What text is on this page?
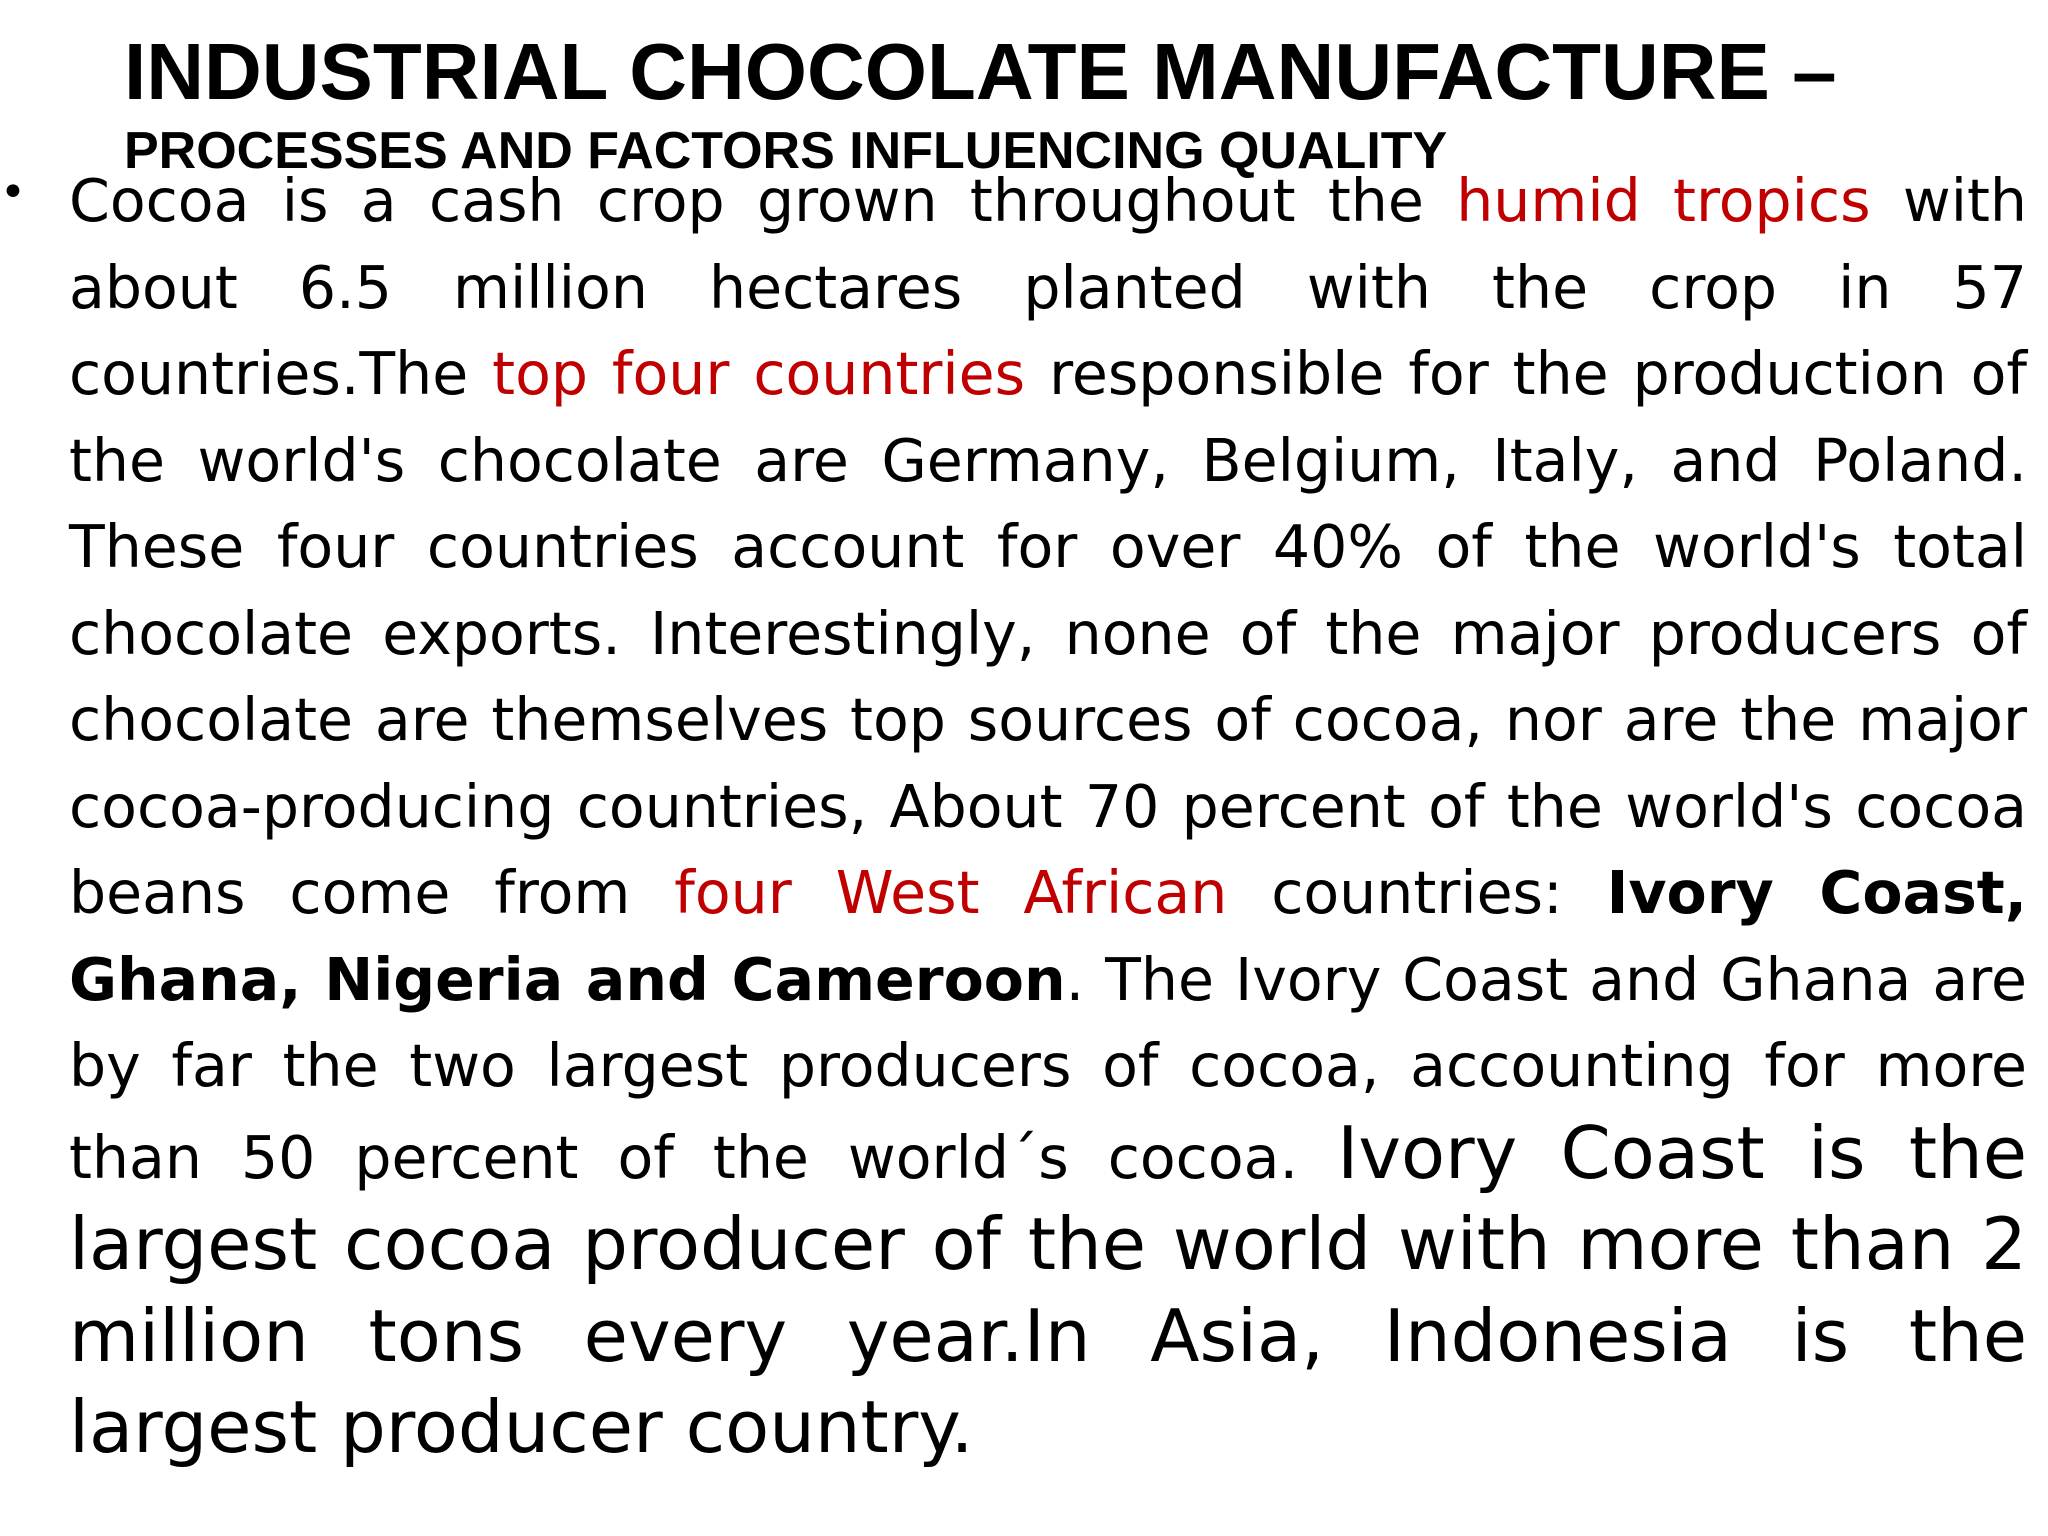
INDUSTRIAL CHOCOLATE MANUFACTURE –
PROCESSES AND FACTORS INFLUENCING QUALITY
• Cocoa is a cash crop grown throughout the humid tropics with about 6.5 million hectares planted with the crop in 57 countries.The top four countries responsible for the production of the world's chocolate are Germany, Belgium, Italy, and Poland. These four countries account for over 40% of the world's total chocolate exports. Interestingly, none of the major producers of chocolate are themselves top sources of cocoa, nor are the major cocoa-producing countries, About 70 percent of the world's cocoa beans come from four West African countries: Ivory Coast, Ghana, Nigeria and Cameroon. The Ivory Coast and Ghana are by far the two largest producers of cocoa, accounting for more than 50 percent of the world´s cocoa. Ivory Coast is the largest cocoa producer of the world with more than 2 million tons every year.In Asia, Indonesia is the largest producer country.
